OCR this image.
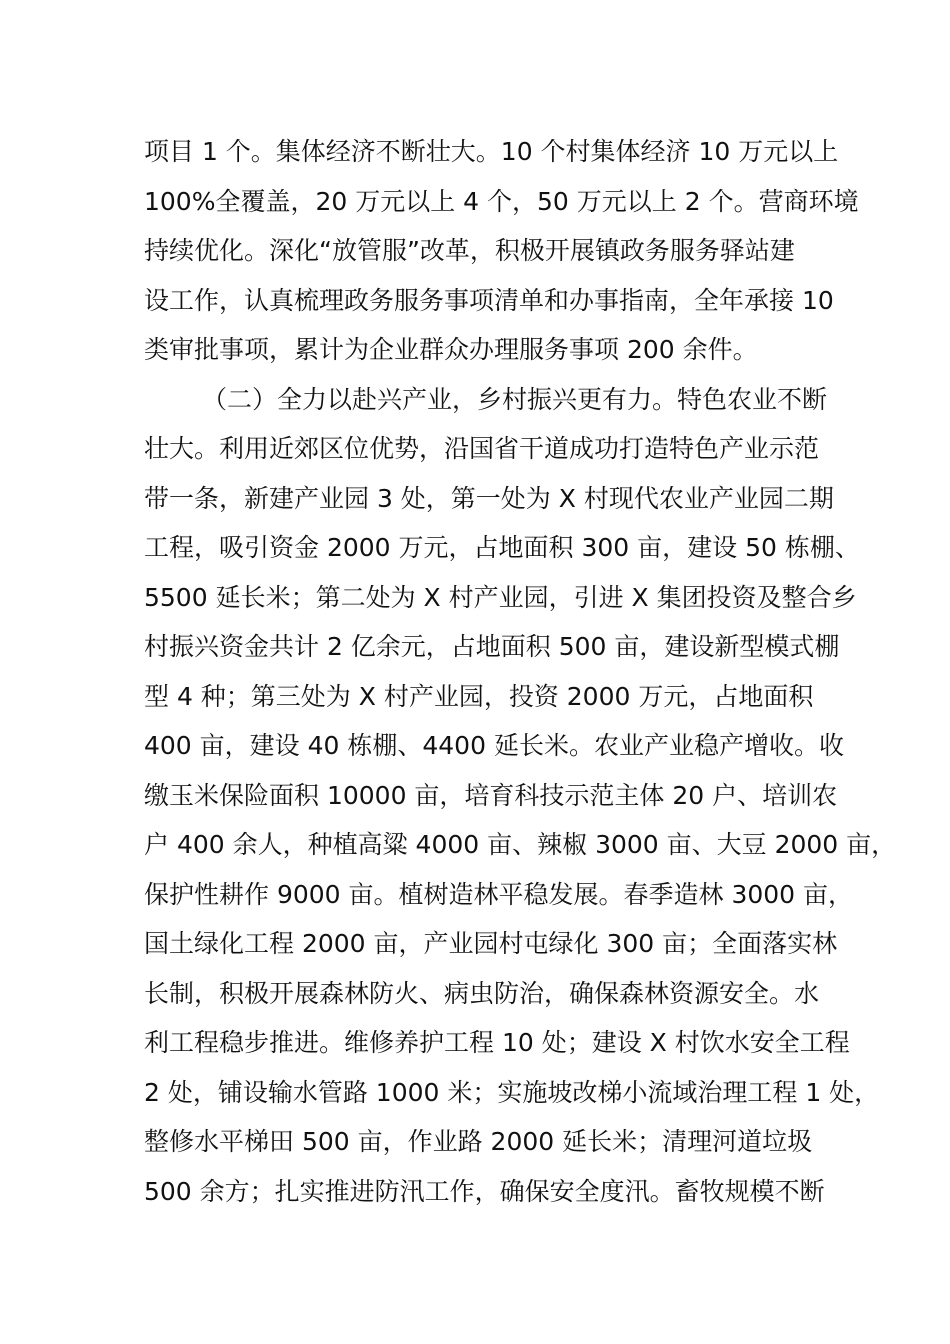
项目 1 个。集体经济不断壮大。10 个村集体经济 10 万元以上
100%全覆盖，20 万元以上 4 个，50 万元以上 2 个。营商环境
持续优化。深化“放管服”改革，积极开展镇政务服务驿站建
设工作，认真梳理政务服务事项清单和办事指南，全年承接 10
类审批事项，累计为企业群众办理服务事项 200 余件。
（二）全力以赴兴产业，乡村振兴更有力。特色农业不断
壮大。利用近郊区位优势，沿国省干道成功打造特色产业示范
带一条，新建产业园 3 处，第一处为 X 村现代农业产业园二期
工程，吸引资金 2000 万元，占地面积 300 亩，建设 50 栋棚、
5500 延长米；第二处为 X 村产业园，引进 X 集团投资及整合乡
村振兴资金共计 2 亿余元，占地面积 500 亩，建设新型模式棚
型 4 种；第三处为 X 村产业园，投资 2000 万元，占地面积
400 亩，建设 40 栋棚、4400 延长米。农业产业稳产增收。收
缴玉米保险面积 10000 亩，培育科技示范主体 20 户、培训农
户 400 余人，种植高粱 4000 亩、辣椒 3000 亩、大豆 2000 亩，
保护性耕作 9000 亩。植树造林平稳发展。春季造林 3000 亩，
国土绿化工程 2000 亩，产业园村屯绿化 300 亩；全面落实林
长制，积极开展森林防火、病虫防治，确保森林资源安全。水
利工程稳步推进。维修养护工程 10 处；建设 X 村饮水安全工程
2 处，铺设输水管路 1000 米；实施坡改梯小流域治理工程 1 处，
整修水平梯田 500 亩，作业路 2000 延长米；清理河道垃圾
500 余方；扎实推进防汛工作，确保安全度汛。畜牧规模不断
